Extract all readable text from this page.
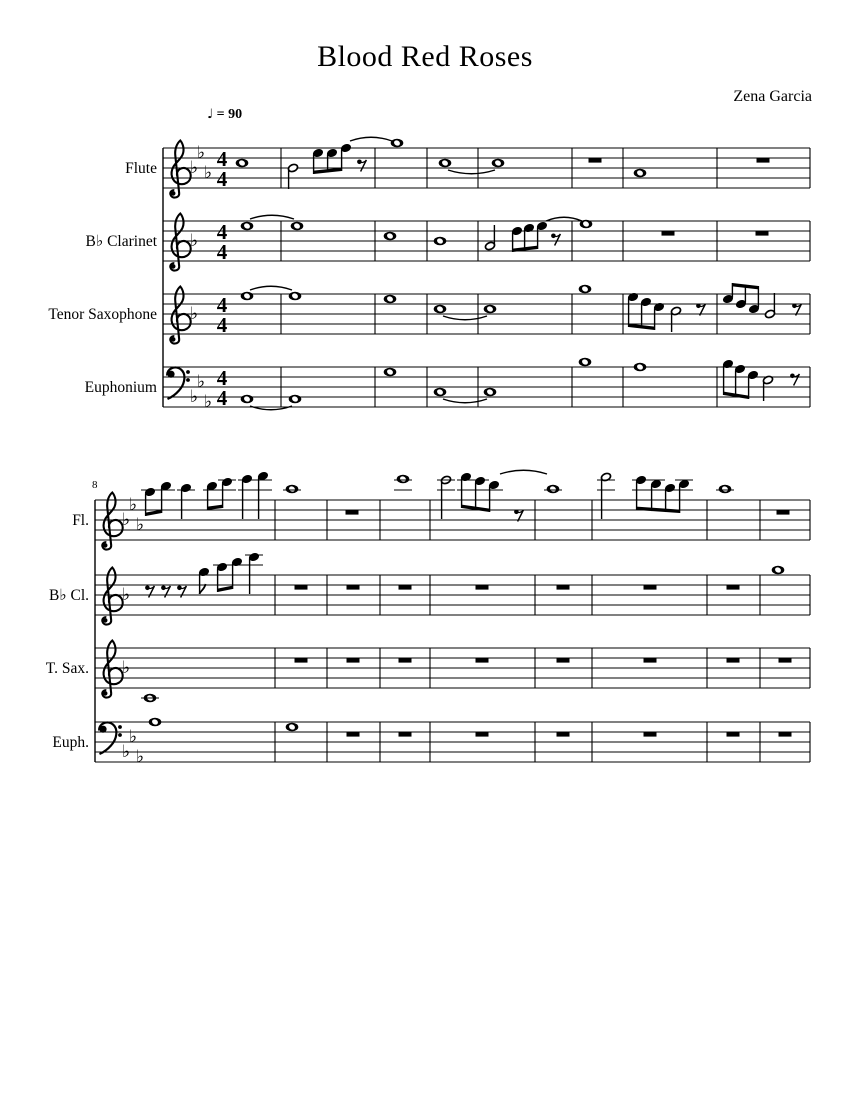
Blood Red Roses
Zena Garcia
♩ = 90
Flute ♭
♭
♭
4
4
B♭ Clarinet ♭ 4
4
Tenor Saxophone ♭ 4
4
Euphonium ♭
♭
♭
4
4
8
Fl. ♭
♭
♭
B♭ Cl. ♭
T. Sax. ♭
Euph. ♭
♭
♭
